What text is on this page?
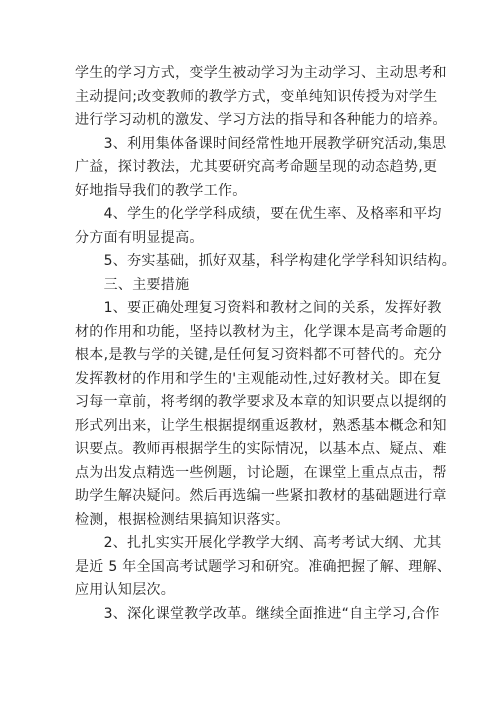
学生的学习方式，变学生被动学习为主动学习、主动思考和
主动提问;改变教师的教学方式，变单纯知识传授为对学生
进行学习动机的激发、学习方法的指导和各种能力的培养。

　　3、利用集体备课时间经常性地开展教学研究活动,集思
广益，探讨教法，尤其要研究高考命题呈现的动态趋势,更
好地指导我们的教学工作。

　　4、学生的化学学科成绩，要在优生率、及格率和平均
分方面有明显提高。

　　5、夯实基础，抓好双基，科学构建化学学科知识结构。

　　三、主要措施

　　1、要正确处理复习资料和教材之间的关系，发挥好教
材的作用和功能，坚持以教材为主，化学课本是高考命题的
根本,是教与学的关键,是任何复习资料都不可替代的。充分
发挥教材的作用和学生的'主观能动性,过好教材关。即在复
习每一章前，将考纲的教学要求及本章的知识要点以提纲的
形式列出来，让学生根据提纲重返教材，熟悉基本概念和知
识要点。教师再根据学生的实际情况，以基本点、疑点、难
点为出发点精选一些例题，讨论题，在课堂上重点点击，帮
助学生解决疑问。然后再选编一些紧扣教材的基础题进行章
检测，根据检测结果搞知识落实。

　　2、扎扎实实开展化学教学大纲、高考考试大纲、尤其
是近 5 年全国高考试题学习和研究。准确把握了解、理解、
应用认知层次。

　　3、深化课堂教学改革。继续全面推进“自主学习,合作
